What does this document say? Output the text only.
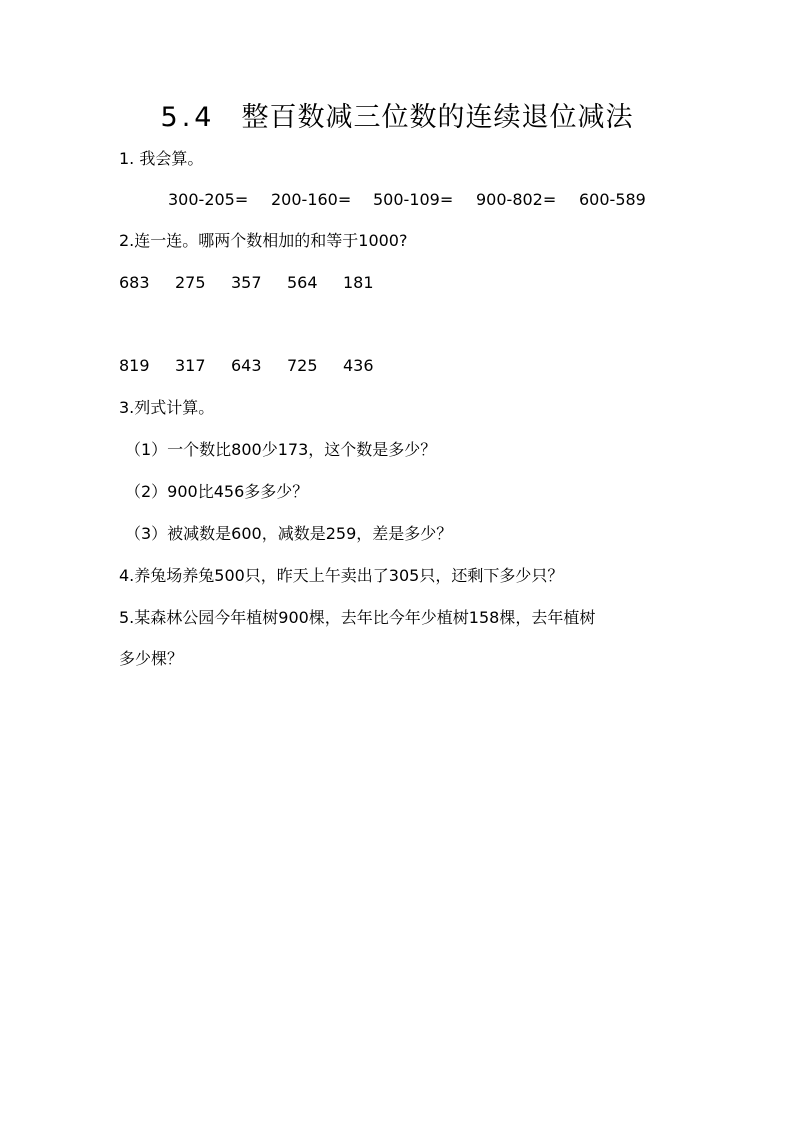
5.4 整百数减三位数的连续退位减法
1. 我会算。
300-205= 200-160= 500-109= 900-802= 600-589
2.连一连。哪两个数相加的和等于1000?
683 275 357 564 181
819 317 643 725 436
3.列式计算。
（1）一个数比800少173，这个数是多少？
（2）900比456多多少？
（3）被减数是600，减数是259，差是多少？
4.养兔场养兔500只，昨天上午卖出了305只，还剩下多少只？
5.某森林公园今年植树900棵，去年比今年少植树158棵，去年植树
多少棵？
